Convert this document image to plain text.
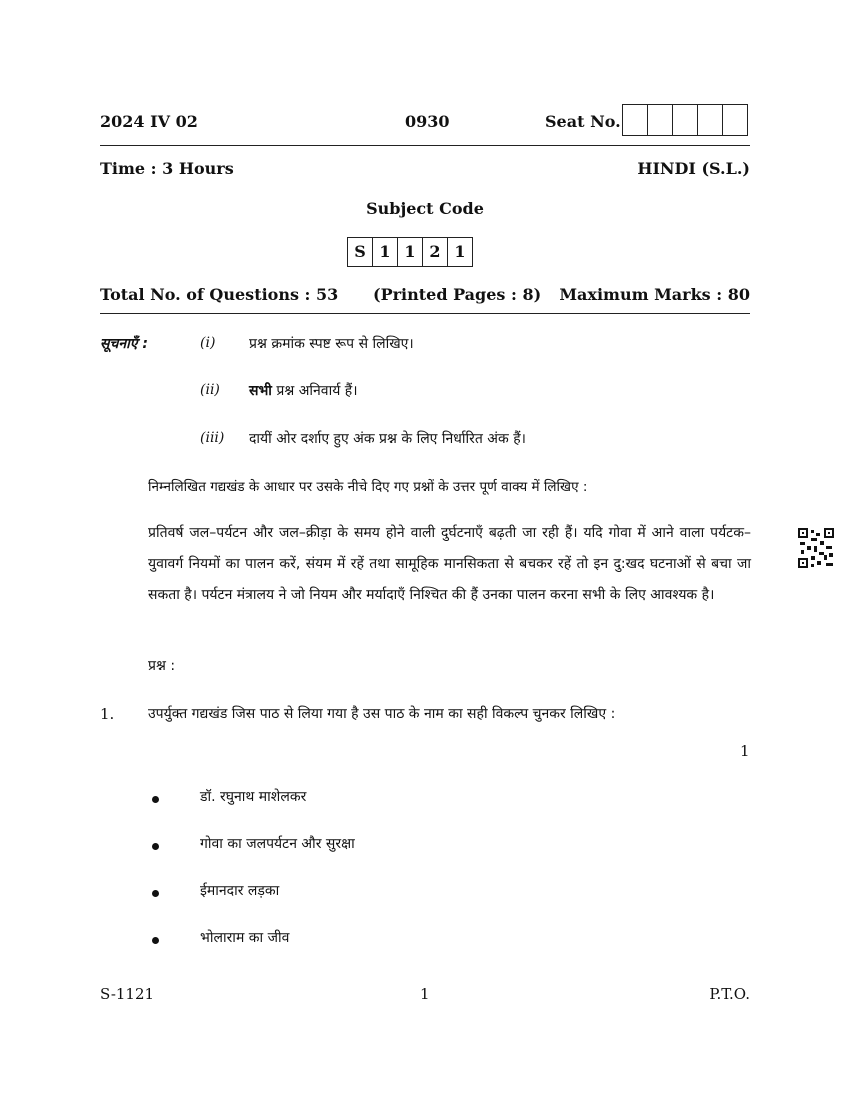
2024 IV 02	0930	Seat No.
Time : 3 Hours	HINDI (S.L.)
Subject Code
S 1 1 2 1
Total No. of Questions : 53 (Printed Pages : 8) Maximum Marks : 80
सूचनाएँ :	(i) प्रश्न क्रमांक स्पष्ट रूप से लिखिए।
(ii) सभी प्रश्न अनिवार्य हैं।
(iii) दायीं ओर दर्शाए हुए अंक प्रश्न के लिए निर्धारित अंक हैं।
निम्नलिखित गद्यखंड के आधार पर उसके नीचे दिए गए प्रश्नों के उत्तर पूर्ण वाक्य में लिखिए :
प्रतिवर्ष जल–पर्यटन और जल–क्रीड़ा के समय होने वाली दुर्घटनाएँ बढ़ती जा रही हैं। यदि गोवा में आने वाला पर्यटक–युवावर्ग नियमों का पालन करें, संयम में रहें तथा सामूहिक मानसिकता से बचकर रहें तो इन दु:खद घटनाओं से बचा जा सकता है। पर्यटन मंत्रालय ने जो नियम और मर्यादाएँ निश्चित की हैं उनका पालन करना सभी के लिए आवश्यक है।
प्रश्न :
1. उपर्युक्त गद्यखंड जिस पाठ से लिया गया है उस पाठ के नाम का सही विकल्प चुनकर लिखिए :
1
डॉ. रघुनाथ माशेलकर
गोवा का जलपर्यटन और सुरक्षा
ईमानदार लड़का
भोलाराम का जीव
S-1121	1	P.T.O.
